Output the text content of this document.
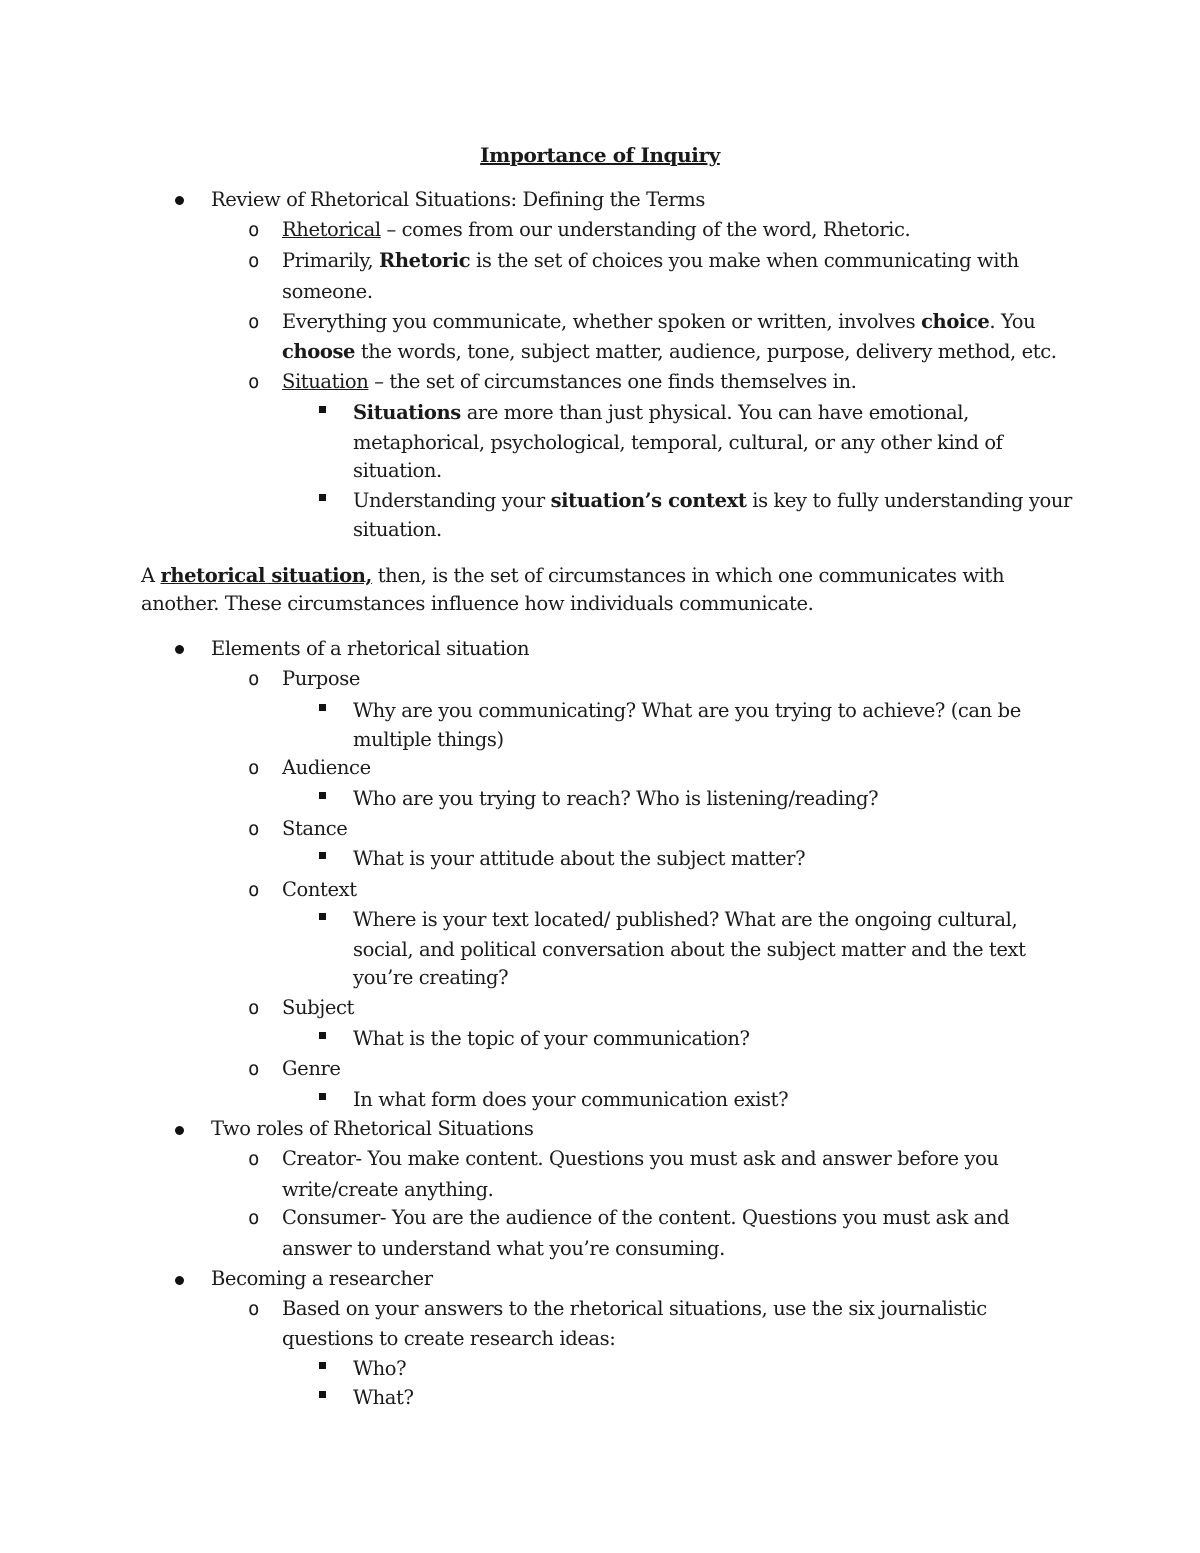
Importance of Inquiry
Review of Rhetorical Situations: Defining the Terms
o Rhetorical – comes from our understanding of the word, Rhetoric.
o Primarily, Rhetoric is the set of choices you make when communicating with
someone.
o Everything you communicate, whether spoken or written, involves choice. You
choose the words, tone, subject matter, audience, purpose, delivery method, etc.
o Situation – the set of circumstances one finds themselves in.
Situations are more than just physical. You can have emotional,
metaphorical, psychological, temporal, cultural, or any other kind of
situation.
Understanding your situation’s context is key to fully understanding your
situation.
A rhetorical situation, then, is the set of circumstances in which one communicates with
another. These circumstances influence how individuals communicate.
Elements of a rhetorical situation
o Purpose
Why are you communicating? What are you trying to achieve? (can be
multiple things)
o Audience
Who are you trying to reach? Who is listening/reading?
o Stance
What is your attitude about the subject matter?
o Context
Where is your text located/ published? What are the ongoing cultural,
social, and political conversation about the subject matter and the text
you’re creating?
o Subject
What is the topic of your communication?
o Genre
In what form does your communication exist?
Two roles of Rhetorical Situations
o Creator- You make content. Questions you must ask and answer before you
write/create anything.
o Consumer- You are the audience of the content. Questions you must ask and
answer to understand what you’re consuming.
Becoming a researcher
o Based on your answers to the rhetorical situations, use the six journalistic
questions to create research ideas:
Who?
What?
